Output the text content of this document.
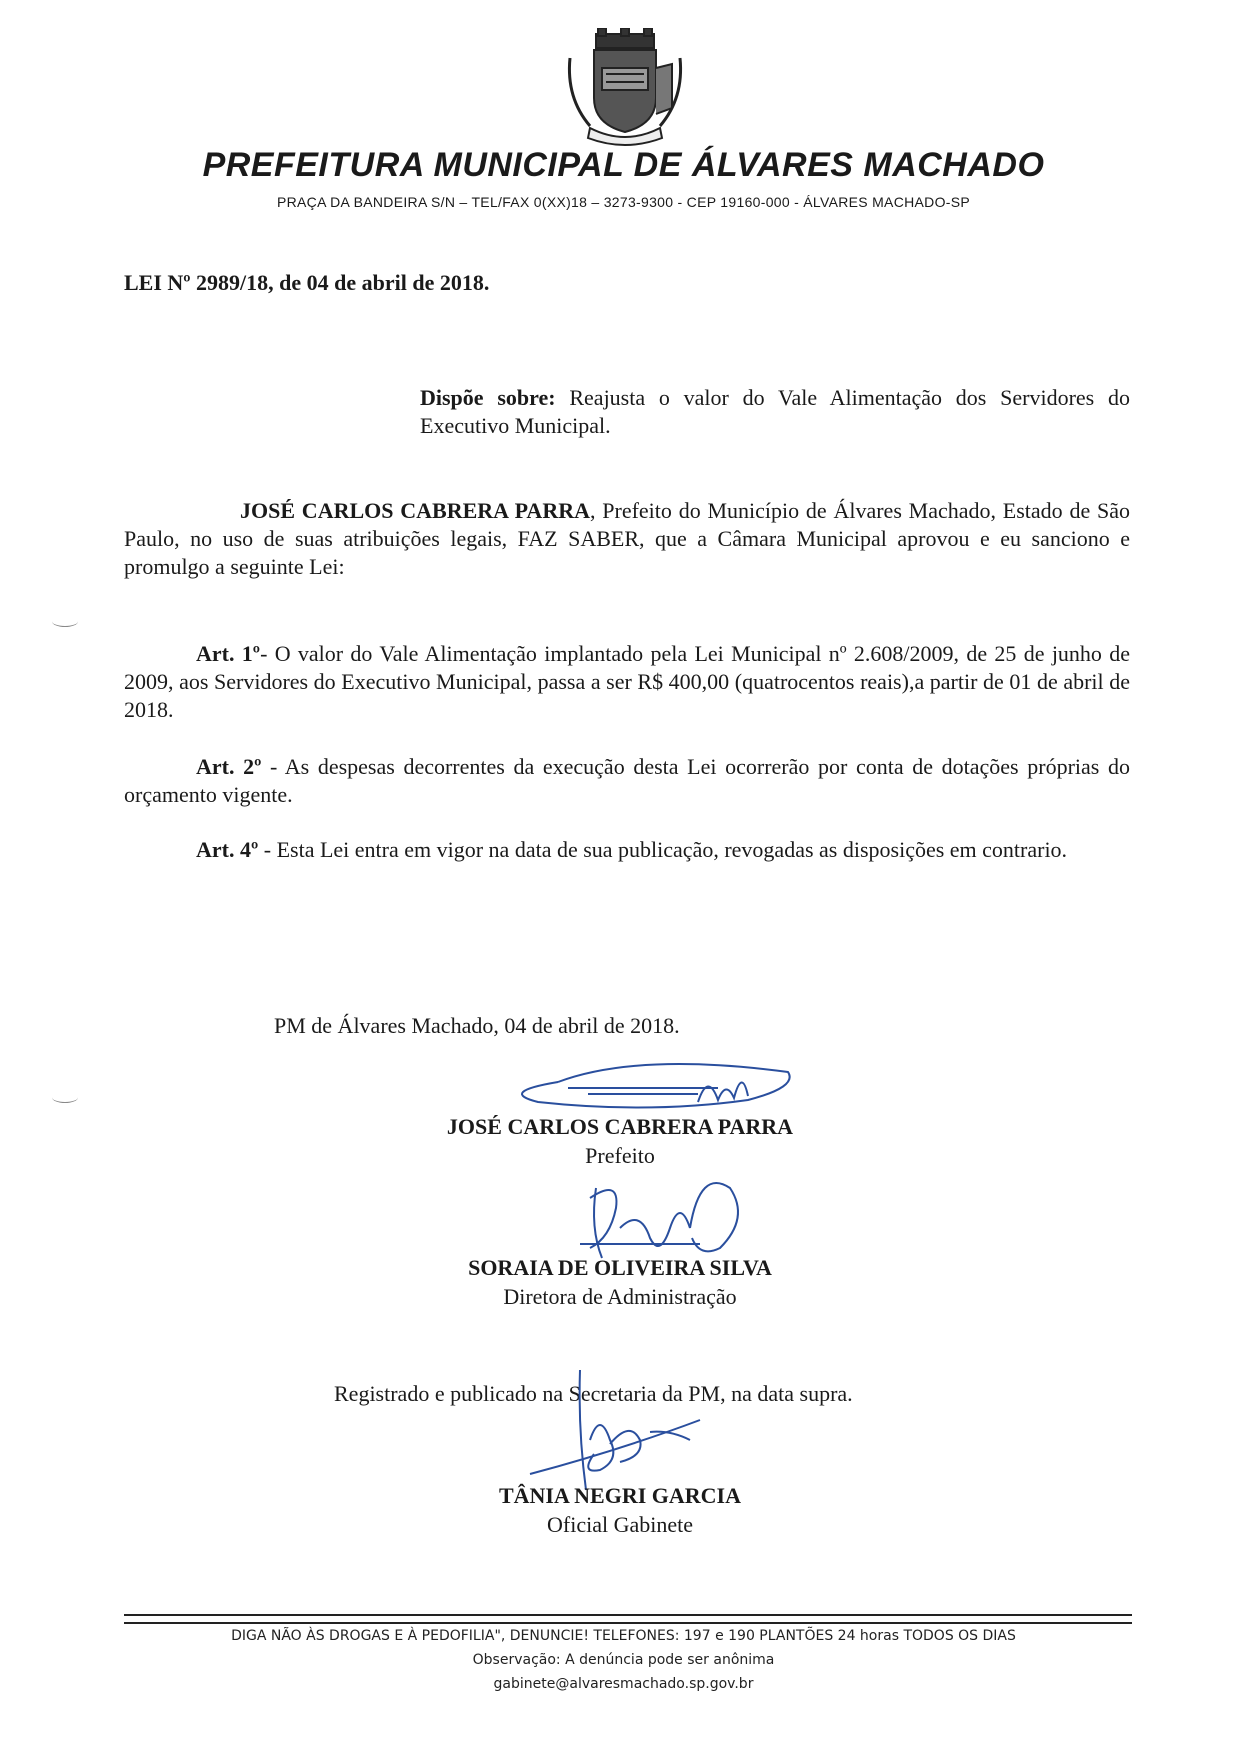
PREFEITURA MUNICIPAL DE ÁLVARES MACHADO
PRAÇA DA BANDEIRA S/N – TEL/FAX 0(XX)18 – 3273-9300 - CEP 19160-000 - ÁLVARES MACHADO-SP
LEI Nº 2989/18, de 04 de abril de 2018.
Dispõe sobre: Reajusta o valor do Vale Alimentação dos Servidores do Executivo Municipal.
JOSÉ CARLOS CABRERA PARRA, Prefeito do Município de Álvares Machado, Estado de São Paulo, no uso de suas atribuições legais, FAZ SABER, que a Câmara Municipal aprovou e eu sanciono e promulgo a seguinte Lei:
Art. 1º- O valor do Vale Alimentação implantado pela Lei Municipal nº 2.608/2009, de 25 de junho de 2009, aos Servidores do Executivo Municipal, passa a ser R$ 400,00 (quatrocentos reais),a partir de 01 de abril de 2018.
Art. 2º - As despesas decorrentes da execução desta Lei ocorrerão por conta de dotações próprias do orçamento vigente.
Art. 4º - Esta Lei entra em vigor na data de sua publicação, revogadas as disposições em contrario.
PM de Álvares Machado, 04 de abril de 2018.
JOSÉ CARLOS CABRERA PARRA
Prefeito
SORAIA DE OLIVEIRA SILVA
Diretora de Administração
Registrado e publicado na Secretaria da PM, na data supra.
TÂNIA NEGRI GARCIA
Oficial Gabinete
DIGA NÃO ÀS DROGAS E À PEDOFILIA", DENUNCIE! TELEFONES: 197 e 190 PLANTÕES 24 horas TODOS OS DIAS
Observação: A denúncia pode ser anônima
gabinete@alvaresmachado.sp.gov.br
